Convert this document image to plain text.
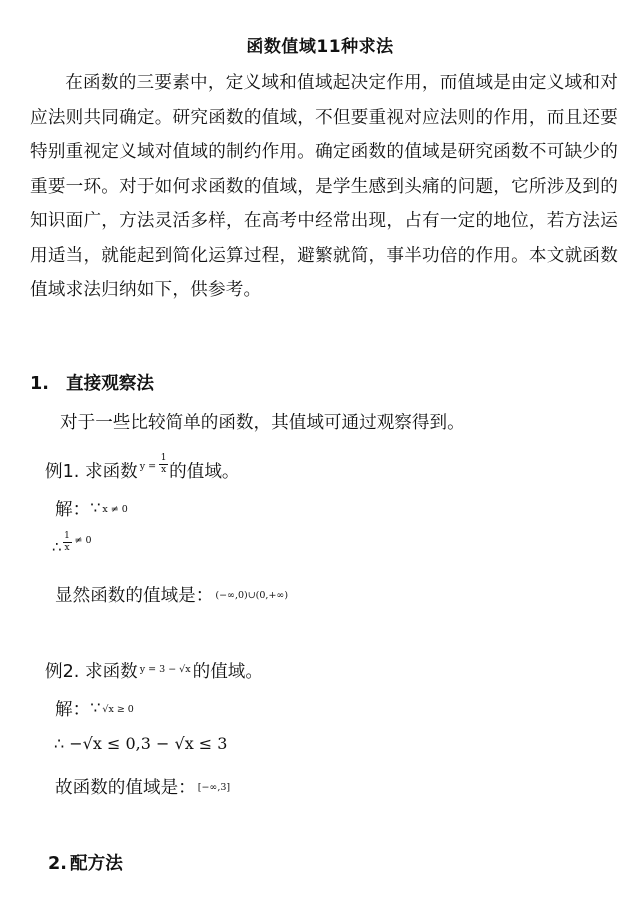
函数值域11种求法
在函数的三要素中，定义域和值域起决定作用，而值域是由定义域和对应法则共同确定。研究函数的值域，不但要重视对应法则的作用，而且还要特别重视定义域对值域的制约作用。确定函数的值域是研究函数不可缺少的重要一环。对于如何求函数的值域，是学生感到头痛的问题，它所涉及到的知识面广，方法灵活多样，在高考中经常出现，占有一定的地位，若方法运用适当，就能起到简化运算过程，避繁就简，事半功倍的作用。本文就函数值域求法归纳如下，供参考。
1. 直接观察法
对于一些比较简单的函数，其值域可通过观察得到。
例1. 求函数 $^{y =} \frac{1}{x}$ 的值域。
解：∵ x ≠ 0
∴ $\frac{1}{x} ^{\ne 0}$
显然函数的值域是： (−∞,0)∪(0,+∞)
例2. 求函数 $^{y = 3 - √x}$ 的值域。
解：∵ √x ≥ 0
∴ −√x ≤ 0,3 − √x ≤ 3
故函数的值域是： [−∞,3]
2. 配方法
